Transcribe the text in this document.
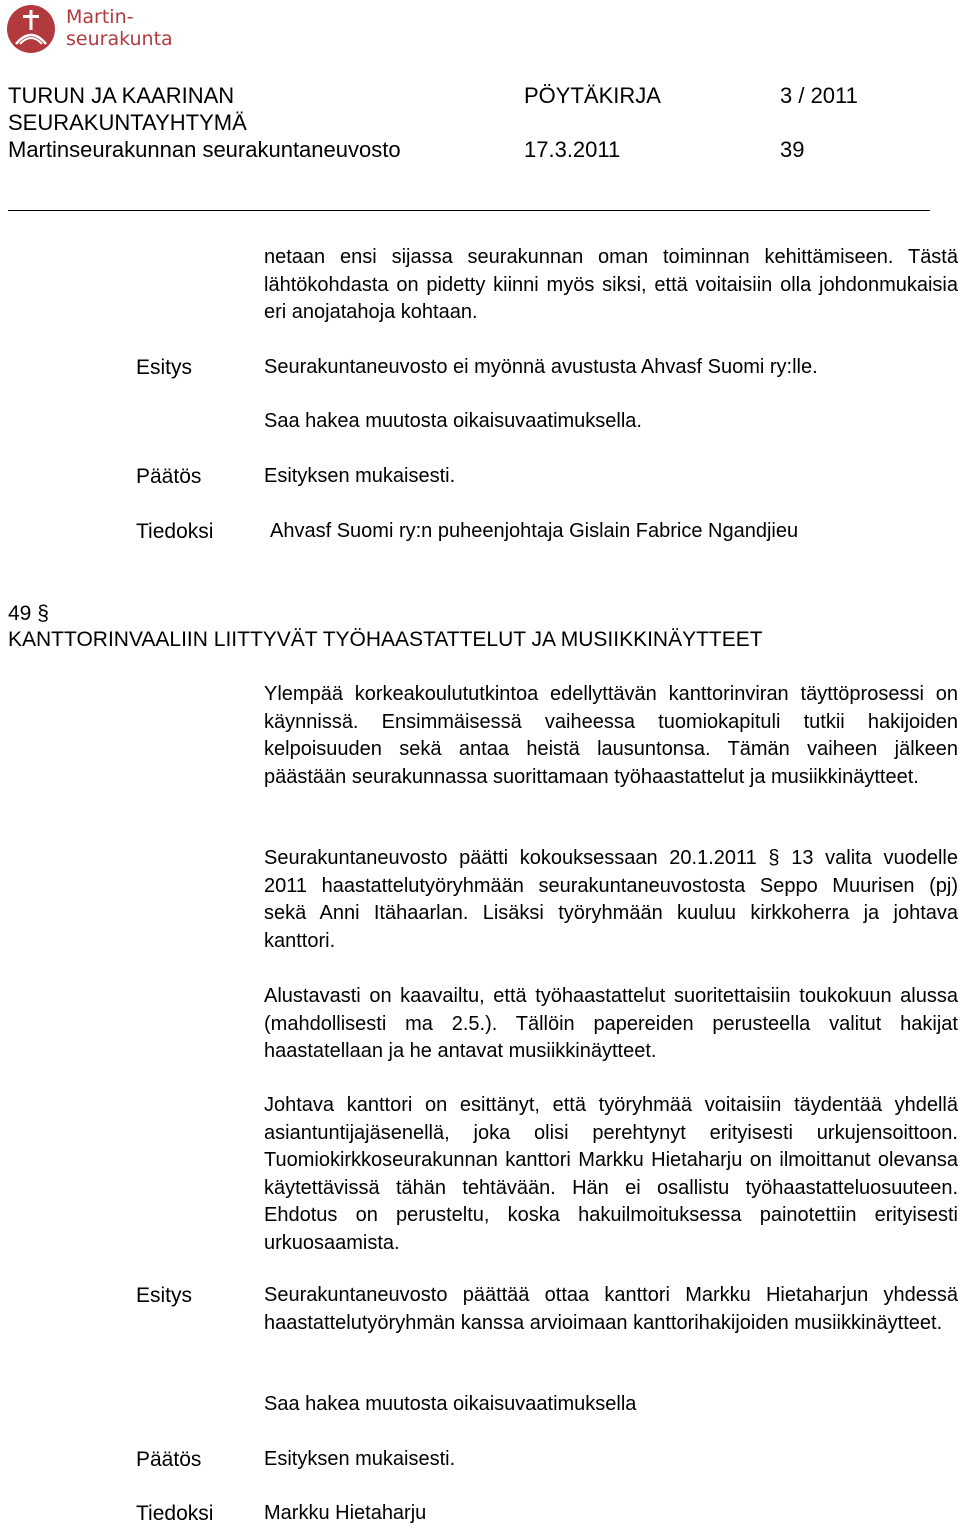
Martin-
seurakunta
TURUN JA KAARINAN
SEURAKUNTAYHTYMÄ
Martinseurakunnan seurakuntaneuvosto
PÖYTÄKIRJA	3 / 2011
17.3.2011	39
netaan ensi sijassa seurakunnan oman toiminnan kehittämiseen. Tästä lähtökohdasta on pidetty kiinni myös siksi, että voitaisiin olla johdonmukaisia eri anojatahoja kohtaan.
Esitys	Seurakuntaneuvosto ei myönnä avustusta Ahvasf Suomi ry:lle.
Saa hakea muutosta oikaisuvaatimuksella.
Päätös	Esityksen mukaisesti.
Tiedoksi	Ahvasf Suomi ry:n puheenjohtaja Gislain Fabrice Ngandjieu
49 §
KANTTORINVAALIIN LIITTYVÄT TYÖHAASTATTELUT JA MUSIIKKINÄYTTEET
Ylempää korkeakoulututkintoa edellyttävän kanttorinviran täyttöprosessi on käynnissä. Ensimmäisessä vaiheessa tuomiokapituli tutkii hakijoiden kelpoisuuden sekä antaa heistä lausuntonsa. Tämän vaiheen jälkeen päästään seurakunnassa suorittamaan työhaastattelut ja musiikkinäytteet.
Seurakuntaneuvosto päätti kokouksessaan 20.1.2011 § 13 valita vuodelle 2011 haastattelutyöryhmään seurakuntaneuvostosta Seppo Muurisen (pj) sekä Anni Itähaarlan. Lisäksi työryhmään kuuluu kirkkoherra ja johtava kanttori.
Alustavasti on kaavailtu, että työhaastattelut suoritettaisiin toukokuun alussa (mahdollisesti ma 2.5.). Tällöin papereiden perusteella valitut hakijat haastatellaan ja he antavat musiikkinäytteet.
Johtava kanttori on esittänyt, että työryhmää voitaisiin täydentää yhdellä asiantuntijajäsenellä, joka olisi perehtynyt erityisesti urkujensoittoon. Tuomiokirkkoseurakunnan kanttori Markku Hietaharju on ilmoittanut olevansa käytettävissä tähän tehtävään. Hän ei osallistu työhaastatteluosuuteen. Ehdotus on perusteltu, koska hakuilmoituksessa painotettiin erityisesti urkuosaamista.
Esitys	Seurakuntaneuvosto päättää ottaa kanttori Markku Hietaharjun yhdessä haastattelutyöryhmän kanssa arvioimaan kanttorihakijoiden musiikkinäytteet.
Saa hakea muutosta oikaisuvaatimuksella
Päätös	Esityksen mukaisesti.
Tiedoksi	Markku Hietaharju
